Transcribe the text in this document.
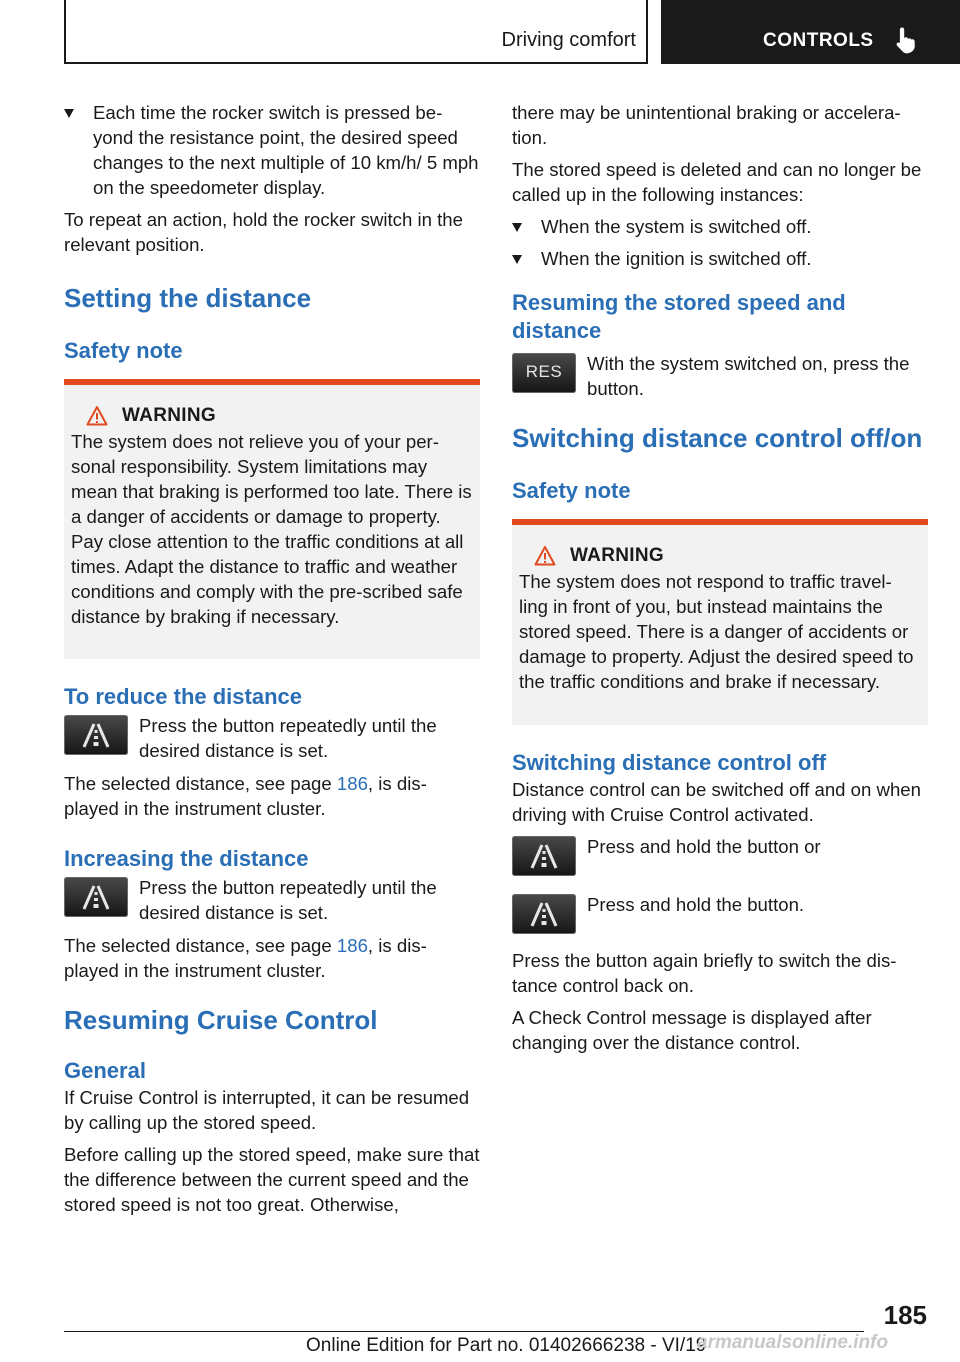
Driving comfort	CONTROLS
Each time the rocker switch is pressed be‐yond the resistance point, the desired speed changes to the next multiple of 10 km/h/ 5 mph on the speedometer display.

To repeat an action, hold the rocker switch in the relevant position.

Setting the distance
Safety note
WARNING

The system does not relieve you of your per‐sonal responsibility. System limitations may mean that braking is performed too late. There is a danger of accidents or damage to property. Pay close attention to the traffic conditions at all times. Adapt the distance to traffic and weather conditions and comply with the pre‐scribed safe distance by braking if necessary.

To reduce the distance
Press the button repeatedly until the desired distance is set.

The selected distance, see page 186, is dis‐played in the instrument cluster.

Increasing the distance
Press the button repeatedly until the desired distance is set.

The selected distance, see page 186, is dis‐played in the instrument cluster.

Resuming Cruise Control
General

If Cruise Control is interrupted, it can be resumed by calling up the stored speed.

Before calling up the stored speed, make sure that the difference between the current speed and the stored speed is not too great. Otherwise,

there may be unintentional braking or accelera‐tion.

The stored speed is deleted and can no longer be called up in the following instances:

When the system is switched off.
When the ignition is switched off.
Resuming the stored speed and distance
RES	With the system switched on, press the button.
Switching distance control off/on
Safety note
WARNING

The system does not respond to traffic travel‐ling in front of you, but instead maintains the stored speed. There is a danger of accidents or damage to property. Adjust the desired speed to the traffic conditions and brake if necessary.

Switching distance control off

Distance control can be switched off and on when driving with Cruise Control activated.

Press and hold the button or
Press and hold the button.

Press the button again briefly to switch the dis‐tance control back on.

A Check Control message is displayed after changing over the distance control.

185
Online Edition for Part no. 01402666238 - VI/19
armanualsonline.info
